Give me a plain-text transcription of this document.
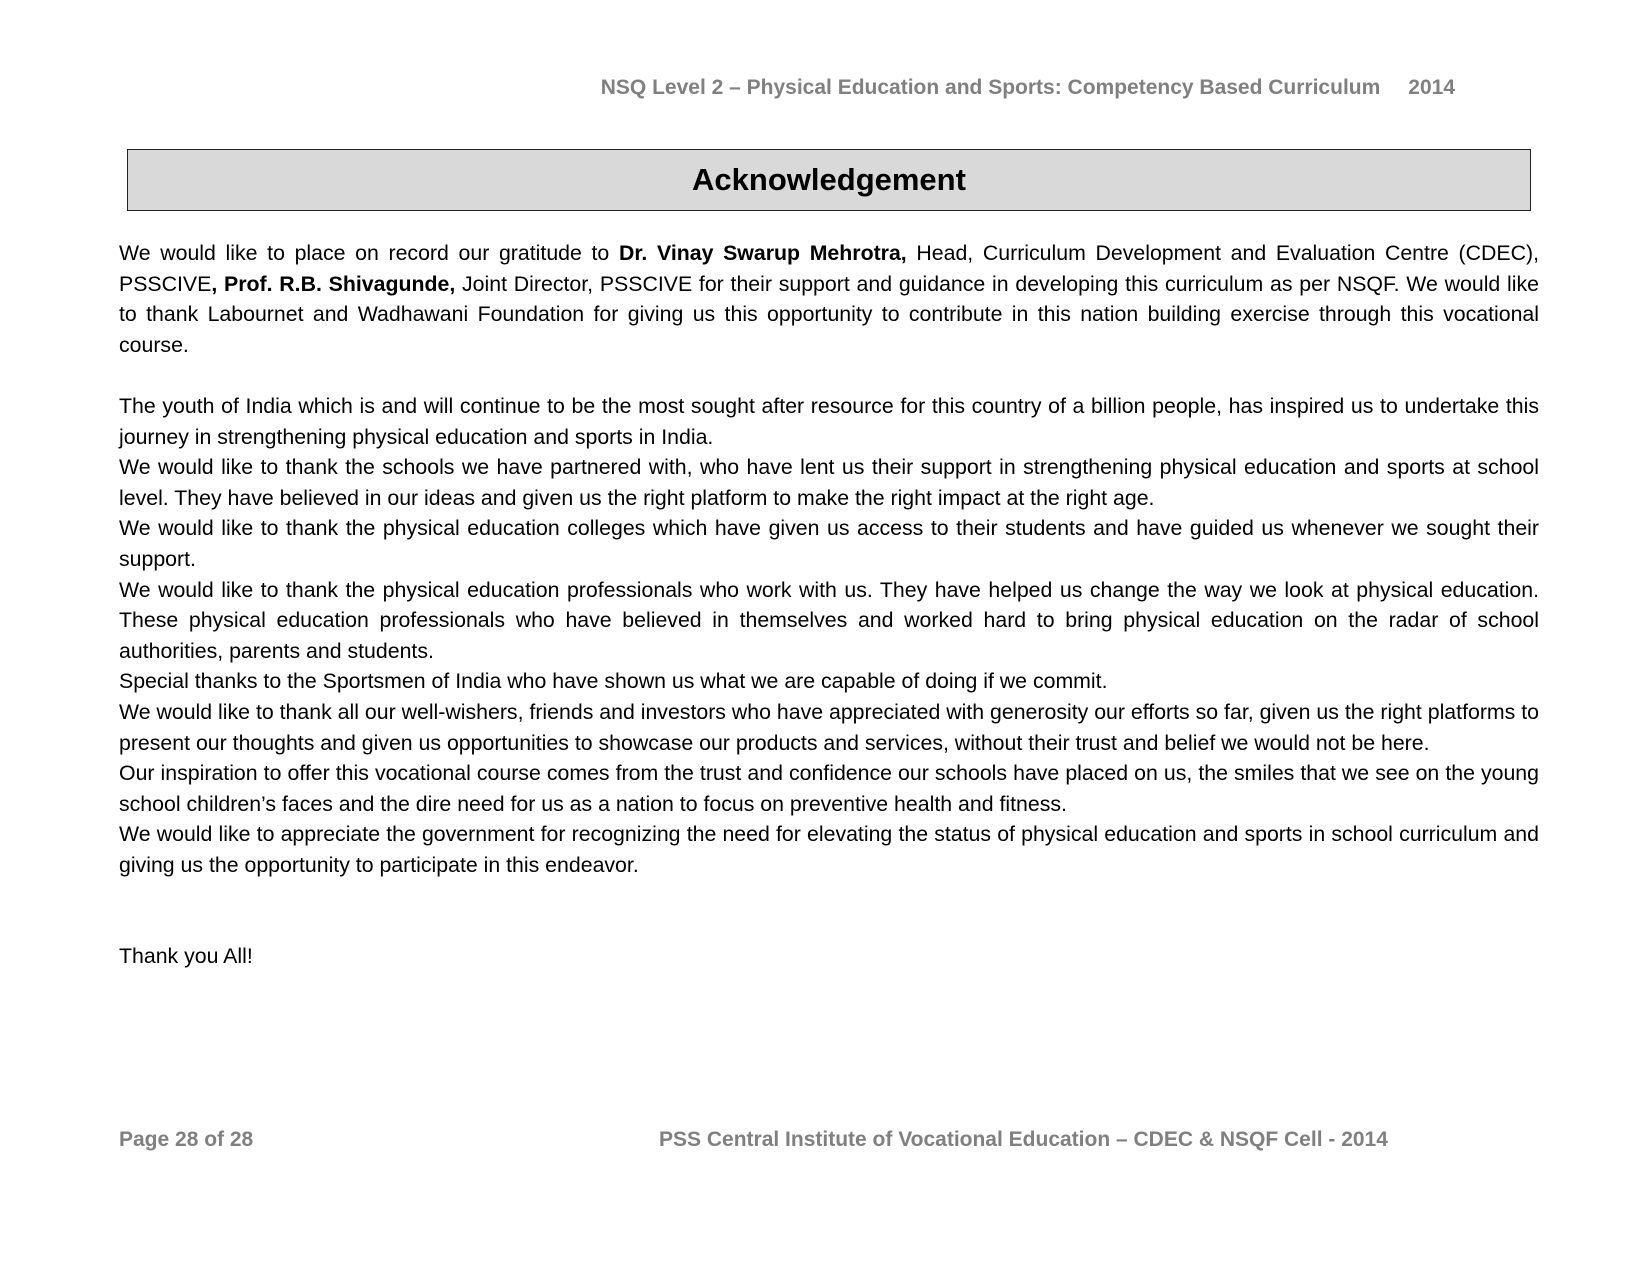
NSQ Level 2 – Physical Education and Sports: Competency Based Curriculum 2014
Acknowledgement

We would like to place on record our gratitude to Dr. Vinay Swarup Mehrotra, Head, Curriculum Development and Evaluation Centre (CDEC), PSSCIVE, Prof. R.B. Shivagunde, Joint Director, PSSCIVE for their support and guidance in developing this curriculum as per NSQF. We would like to thank Labournet and Wadhawani Foundation for giving us this opportunity to contribute in this nation building exercise through this vocational course.

The youth of India which is and will continue to be the most sought after resource for this country of a billion people, has inspired us to undertake this journey in strengthening physical education and sports in India.

We would like to thank the schools we have partnered with, who have lent us their support in strengthening physical education and sports at school level. They have believed in our ideas and given us the right platform to make the right impact at the right age.

We would like to thank the physical education colleges which have given us access to their students and have guided us whenever we sought their support.

We would like to thank the physical education professionals who work with us. They have helped us change the way we look at physical education. These physical education professionals who have believed in themselves and worked hard to bring physical education on the radar of school authorities, parents and students.

Special thanks to the Sportsmen of India who have shown us what we are capable of doing if we commit.

We would like to thank all our well-wishers, friends and investors who have appreciated with generosity our efforts so far, given us the right platforms to present our thoughts and given us opportunities to showcase our products and services, without their trust and belief we would not be here.

Our inspiration to offer this vocational course comes from the trust and confidence our schools have placed on us, the smiles that we see on the young school children’s faces and the dire need for us as a nation to focus on preventive health and fitness.

We would like to appreciate the government for recognizing the need for elevating the status of physical education and sports in school curriculum and giving us the opportunity to participate in this endeavor.

Thank you All!

Page 28 of 28	PSS Central Institute of Vocational Education – CDEC & NSQF Cell - 2014
